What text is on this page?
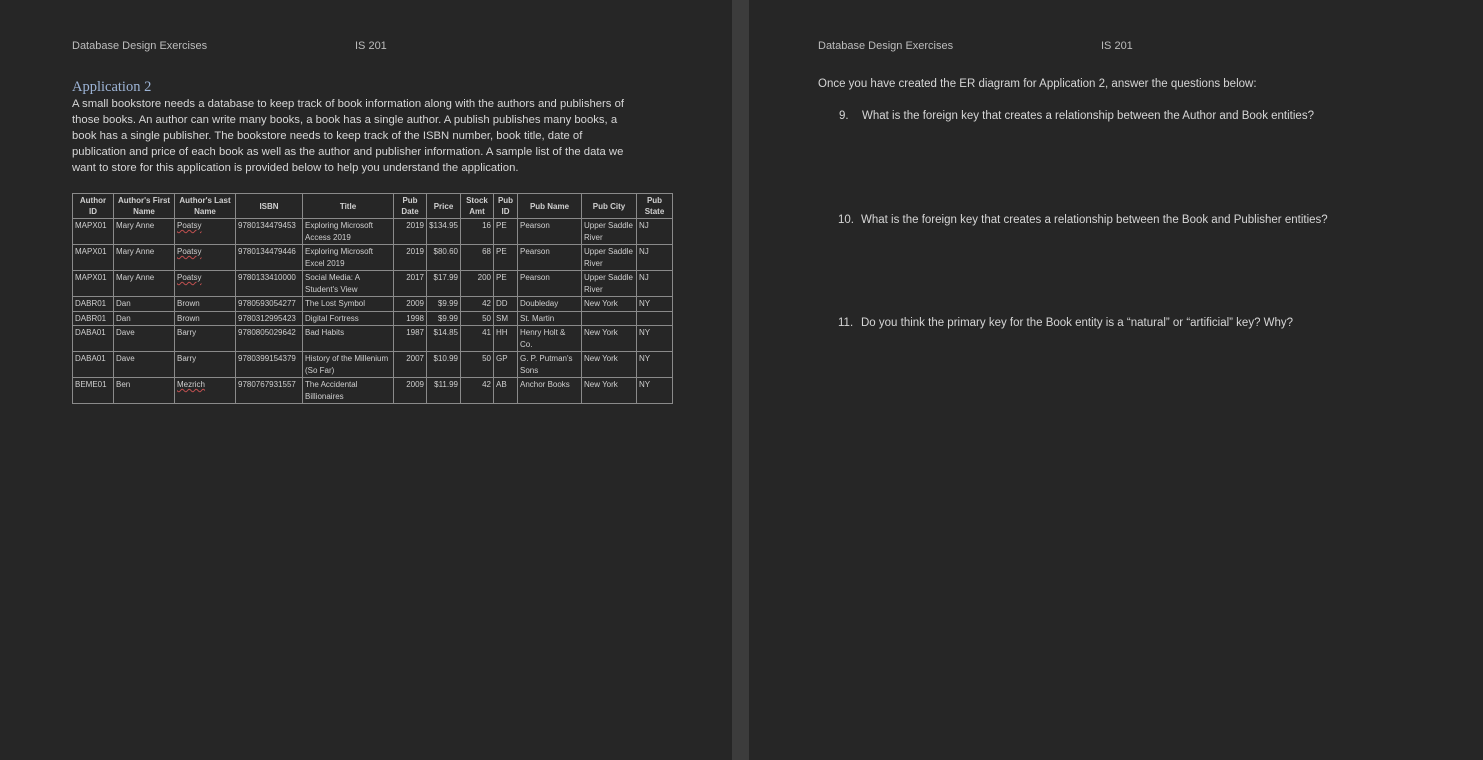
Database Design Exercises	IS 201
Application 2
A small bookstore needs a database to keep track of book information along with the authors and publishers of
those books. An author can write many books, a book has a single author. A publish publishes many books, a
book has a single publisher. The bookstore needs to keep track of the ISBN number, book title, date of
publication and price of each book as well as the author and publisher information. A sample list of the data we
want to store for this application is provided below to help you understand the application.
Author ID	Author's First Name	Author's Last Name	ISBN	Title	Pub Date	Price	Stock Amt	Pub ID	Pub Name	Pub City	Pub State
MAPX01	Mary Anne	Poatsy	9780134479453	Exploring Microsoft Access 2019	2019	$134.95	16	PE	Pearson	Upper Saddle River	NJ
MAPX01	Mary Anne	Poatsy	9780134479446	Exploring Microsoft Excel 2019	2019	$80.60	68	PE	Pearson	Upper Saddle River	NJ
MAPX01	Mary Anne	Poatsy	9780133410000	Social Media: A Student's View	2017	$17.99	200	PE	Pearson	Upper Saddle River	NJ
DABR01	Dan	Brown	9780593054277	The Lost Symbol	2009	$9.99	42	DD	Doubleday	New York	NY
DABR01	Dan	Brown	9780312995423	Digital Fortress	1998	$9.99	50	SM	St. Martin		
DABA01	Dave	Barry	9780805029642	Bad Habits	1987	$14.85	41	HH	Henry Holt & Co.	New York	NY
DABA01	Dave	Barry	9780399154379	History of the Millenium (So Far)	2007	$10.99	50	GP	G. P. Putman's Sons	New York	NY
BEME01	Ben	Mezrich	9780767931557	The Accidental Billionaires	2009	$11.99	42	AB	Anchor Books	New York	NY
Database Design Exercises	IS 201
Once you have created the ER diagram for Application 2, answer the questions below:
9. What is the foreign key that creates a relationship between the Author and Book entities?
10. What is the foreign key that creates a relationship between the Book and Publisher entities?
11. Do you think the primary key for the Book entity is a “natural” or “artificial” key? Why?
